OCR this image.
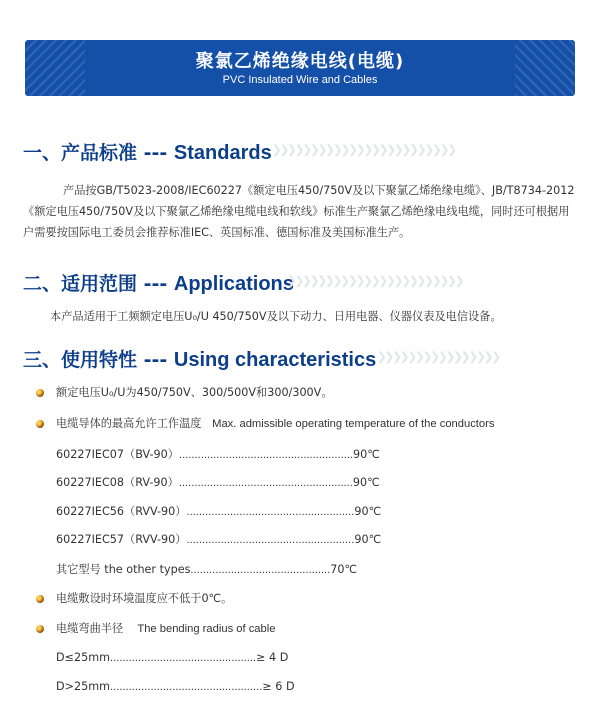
聚氯乙烯绝缘电线(电缆)
PVC Insulated Wire and Cables
一、产品标准 --- Standards ❯❯❯❯❯❯❯❯❯❯❯❯❯❯❯❯❯❯❯❯❯❯❯❯
产品按GB/T5023-2008/IEC60227《额定电压450/750V及以下聚氯乙烯绝缘电缆》、JB/T8734-2012《额定电压450/750V及以下聚氯乙烯绝缘电缆电线和软线》标准生产聚氯乙烯绝缘电线电缆，同时还可根据用户需要按国际电工委员会推荐标准IEC、英国标准、德国标准及美国标准生产。
二、适用范围 --- Applications
❯❯❯❯❯❯❯❯❯❯❯❯❯❯❯❯❯❯❯❯❯❯❯
本产品适用于工频额定电压U₀/U 450/750V及以下动力、日用电器、仪器仪表及电信设备。
三、使用特性 --- Using characteristics ❯❯❯❯❯❯❯❯❯❯❯❯❯❯❯❯
额定电压U₀/U为450/750V、300/500V和300/300V。
电缆导体的最高允许工作温度 Max. admissible operating temperature of the conductors
60227IEC07（BV-90）........................................................90℃
60227IEC08（RV-90）........................................................90℃
60227IEC56（RVV-90）......................................................90℃
60227IEC57（RVV-90）......................................................90℃
其它型号 the other types.............................................70℃
电缆敷设时环境温度应不低于0℃。
电缆弯曲半径 The bending radius of cable
D≤25mm...............................................≥ 4 D
D>25mm.................................................≥ 6 D
